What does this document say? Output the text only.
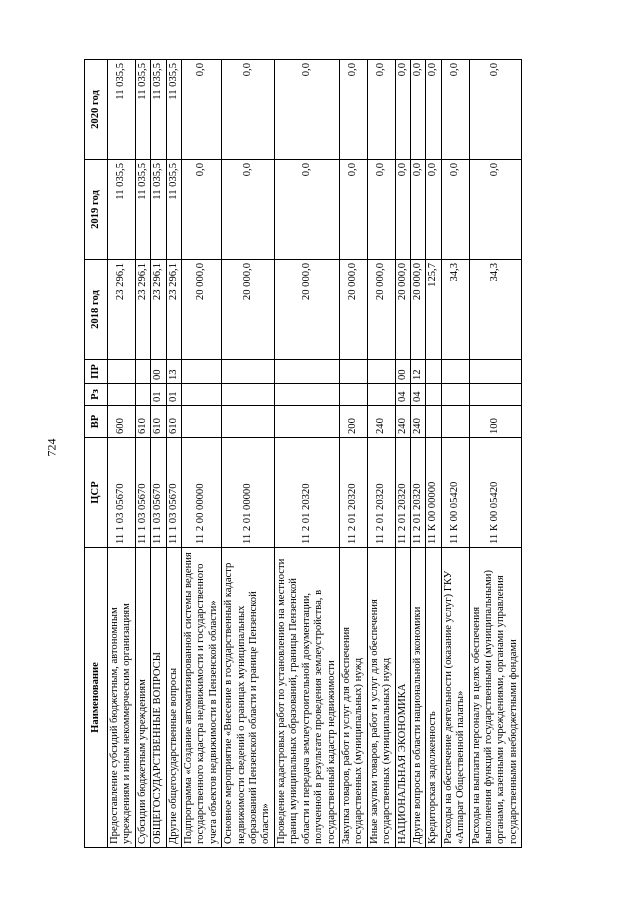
724
Наименование	ЦСР	ВР	Рз	ПР	2018 год	2019 год	2020 год
Предоставление субсидий бюджетным, автономным учреждениям и иным некоммерческим организациям	11 1 03 05670	600			23 296,1	11 035,5	11 035,5
Субсидии бюджетным учреждениям	11 1 03 05670	610			23 296,1	11 035,5	11 035,5
ОБЩЕГОСУДАРСТВЕННЫЕ ВОПРОСЫ	11 1 03 05670	610	01	00	23 296,1	11 035,5	11 035,5
Другие общегосударственные вопросы	11 1 03 05670	610	01	13	23 296,1	11 035,5	11 035,5
Подпрограмма «Создание автоматизированной системы ведения государственного кадастра недвижимости и государственного учета объектов недвижимости в Пензенской области»	11 2 00 00000				20 000,0	0,0	0,0
Основное мероприятие «Внесение в государственный кадастр недвижимости сведений о границах муниципальных образований Пензенской области и границе Пензенской области»	11 2 01 00000				20 000,0	0,0	0,0
Проведение кадастровых работ по установлению на местности границ муниципальных образований, границы Пензенской области и передача землеустроительной документации, полученной в результате проведения землеустройства, в государственный кадастр недвижимости	11 2 01 20320				20 000,0	0,0	0,0
Закупка товаров, работ и услуг для обеспечения государственных (муниципальных) нужд	11 2 01 20320	200			20 000,0	0,0	0,0
Иные закупки товаров, работ и услуг для обеспечения государственных (муниципальных) нужд	11 2 01 20320	240			20 000,0	0,0	0,0
НАЦИОНАЛЬНАЯ ЭКОНОМИКА	11 2 01 20320	240	04	00	20 000,0	0,0	0,0
Другие вопросы в области национальной экономики	11 2 01 20320	240	04	12	20 000,0	0,0	0,0
Кредиторская задолженность	11 К 00 00000				125,7	0,0	0,0
Расходы на обеспечение деятельности (оказание услуг) ГКУ «Аппарат Общественной палаты»	11 К 00 05420				34,3	0,0	0,0
Расходы на выплаты персоналу в целях обеспечения выполнения функций государственными (муниципальными) органами, казенными учреждениями, органами управления государственными внебюджетными фондами	11 К 00 05420	100			34,3	0,0	0,0
